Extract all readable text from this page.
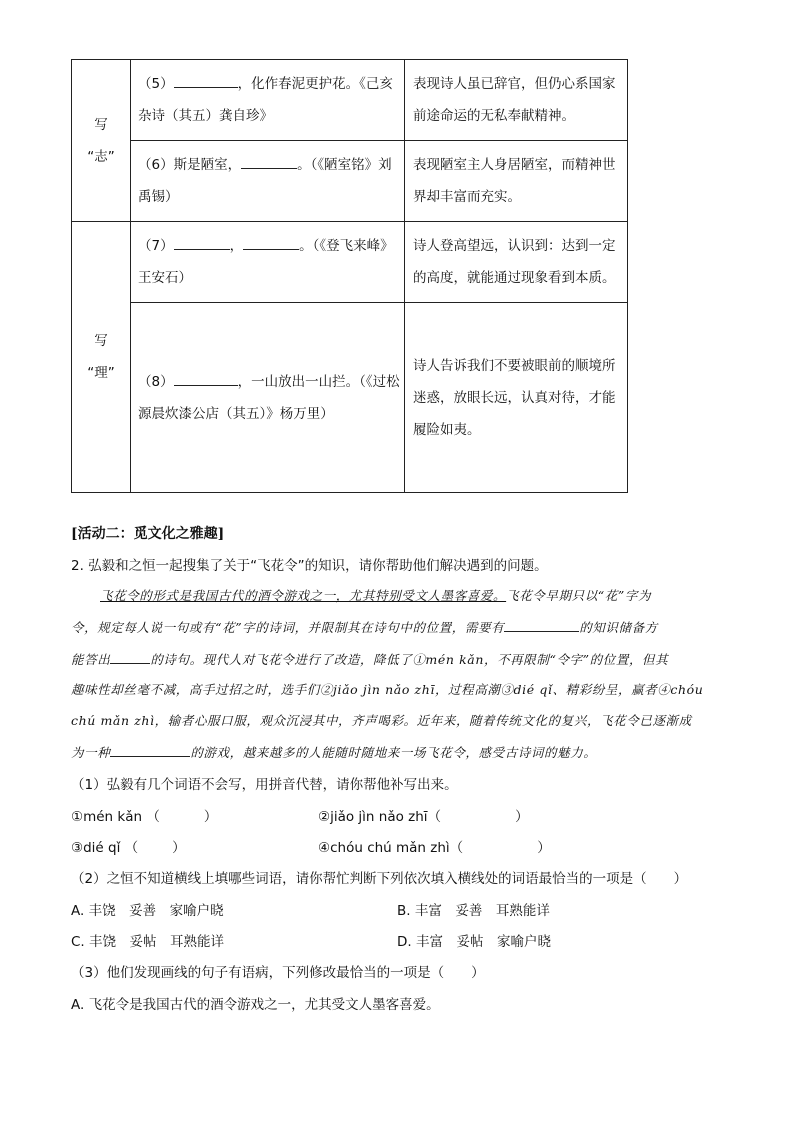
写
“志”	（5） ，化作春泥更护花。《己亥杂诗（其五）龚自珍》	表现诗人虽已辞官，但仍心系国家前途命运的无私奉献精神。
	（6）斯是陋室， 。（《陋室铭》刘禹锡）	表现陋室主人身居陋室，而精神世界却丰富而充实。

写
“理”	（7） ， 。（《登飞来峰》王安石）	诗人登高望远，认识到：达到一定的高度，就能通过现象看到本质。
	（8） ，一山放出一山拦。（《过松源晨炊漆公店（其五）》杨万里）	诗人告诉我们不要被眼前的顺境所迷惑，放眼长远，认真对待，才能履险如夷。
[活动二：觅文化之雅趣]
2. 弘毅和之恒一起搜集了关于“飞花令”的知识，请你帮助他们解决遇到的问题。
飞花令的形式是我国古代的酒令游戏之一，尤其特别受文人墨客喜爱。飞花令早期只以“花”字为
令，规定每人说一句或有“花”字的诗词，并限制其在诗句中的位置，需要有	的知识储备方
能答出	的诗句。现代人对飞花令进行了改造，降低了①mén kǎn，不再限制“令字”的位置，但其
趣味性却丝毫不减，高手过招之时，选手们②jiǎo jìn nǎo zhī，过程高潮③dié qǐ、精彩纷呈，赢者④chóu
chú mǎn zhì，输者心服口服，观众沉浸其中，齐声喝彩。近年来，随着传统文化的复兴，飞花令已逐渐成
为一种	的游戏，越来越多的人能随时随地来一场飞花令，感受古诗词的魅力。
（1）弘毅有几个词语不会写，用拼音代替，请你帮他补写出来。
①mén kǎn （	）	②jiǎo jìn nǎo zhī（	）
③dié qǐ （	）	④chóu chú mǎn zhì（	）
（2）之恒不知道横线上填哪些词语，请你帮忙判断下列依次填入横线处的词语最恰当的一项是（　　）
A. 丰饶　妥善　家喻户晓	B. 丰富　妥善　耳熟能详
C. 丰饶　妥帖　耳熟能详	D. 丰富　妥帖　家喻户晓
（3）他们发现画线的句子有语病，下列修改最恰当的一项是（　　）
A. 飞花令是我国古代的酒令游戏之一，尤其受文人墨客喜爱。
